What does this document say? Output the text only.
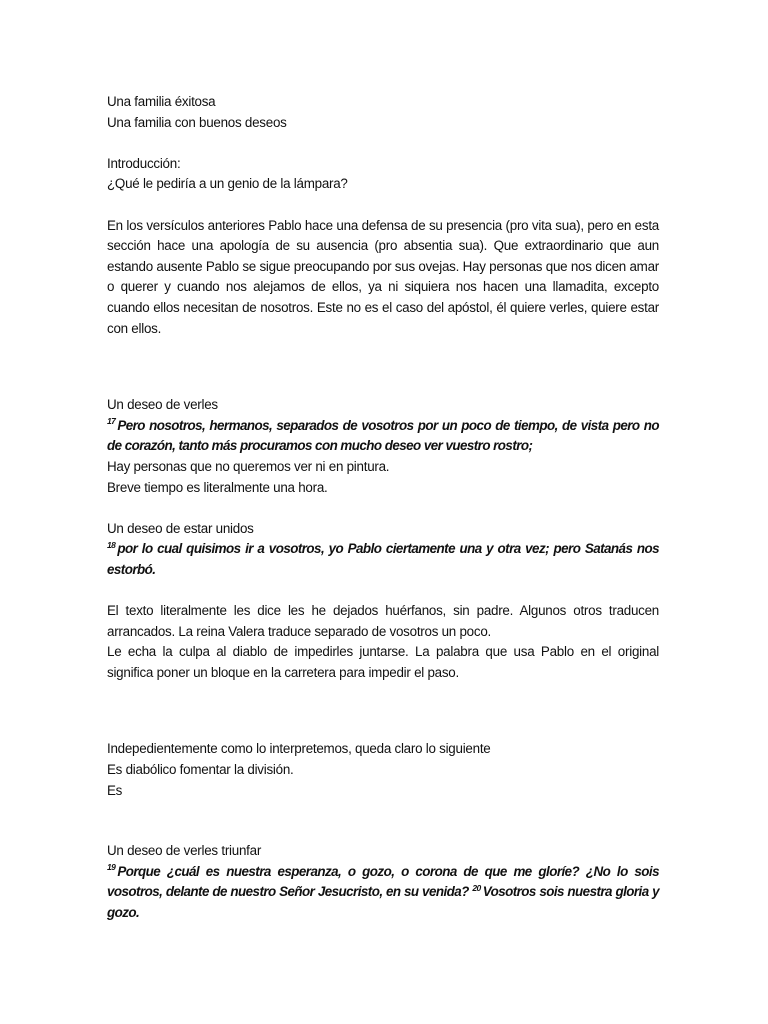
Una familia éxitosa
Una familia con buenos deseos
Introducción:
¿Qué le pediría a un genio de la lámpara?

En los versículos anteriores Pablo hace una defensa de su presencia (pro vita sua), pero en esta sección hace una apología de su ausencia (pro absentia sua). Que extraordinario que aun estando ausente Pablo se sigue preocupando por sus ovejas. Hay personas que nos dicen amar o querer y cuando nos alejamos de ellos, ya ni siquiera nos hacen una llamadita, excepto cuando ellos necesitan de nosotros. Este no es el caso del apóstol, él quiere verles, quiere estar con ellos.

Un deseo de verles
$^{17}$ Pero nosotros, hermanos, separados de vosotros por un poco de tiempo, de vista pero no de corazón, tanto más procuramos con mucho deseo ver vuestro rostro;
Hay personas que no queremos ver ni en pintura.
Breve tiempo es literalmente una hora.
Un deseo de estar unidos
$^{18}$ por lo cual quisimos ir a vosotros, yo Pablo ciertamente una y otra vez; pero Satanás nos estorbó.

El texto literalmente les dice les he dejados huérfanos, sin padre. Algunos otros traducen arrancados. La reina Valera traduce separado de vosotros un poco.

Le echa la culpa al diablo de impedirles juntarse. La palabra que usa Pablo en el original significa poner un bloque en la carretera para impedir el paso.

Indepedientemente como lo interpretemos, queda claro lo siguiente
Es diabólico fomentar la división.
Es
Un deseo de verles triunfar
$^{19}$ Porque ¿cuál es nuestra esperanza, o gozo, o corona de que me gloríe? ¿No lo sois vosotros, delante de nuestro Señor Jesucristo, en su venida? $^{20}$ Vosotros sois nuestra gloria y gozo.
